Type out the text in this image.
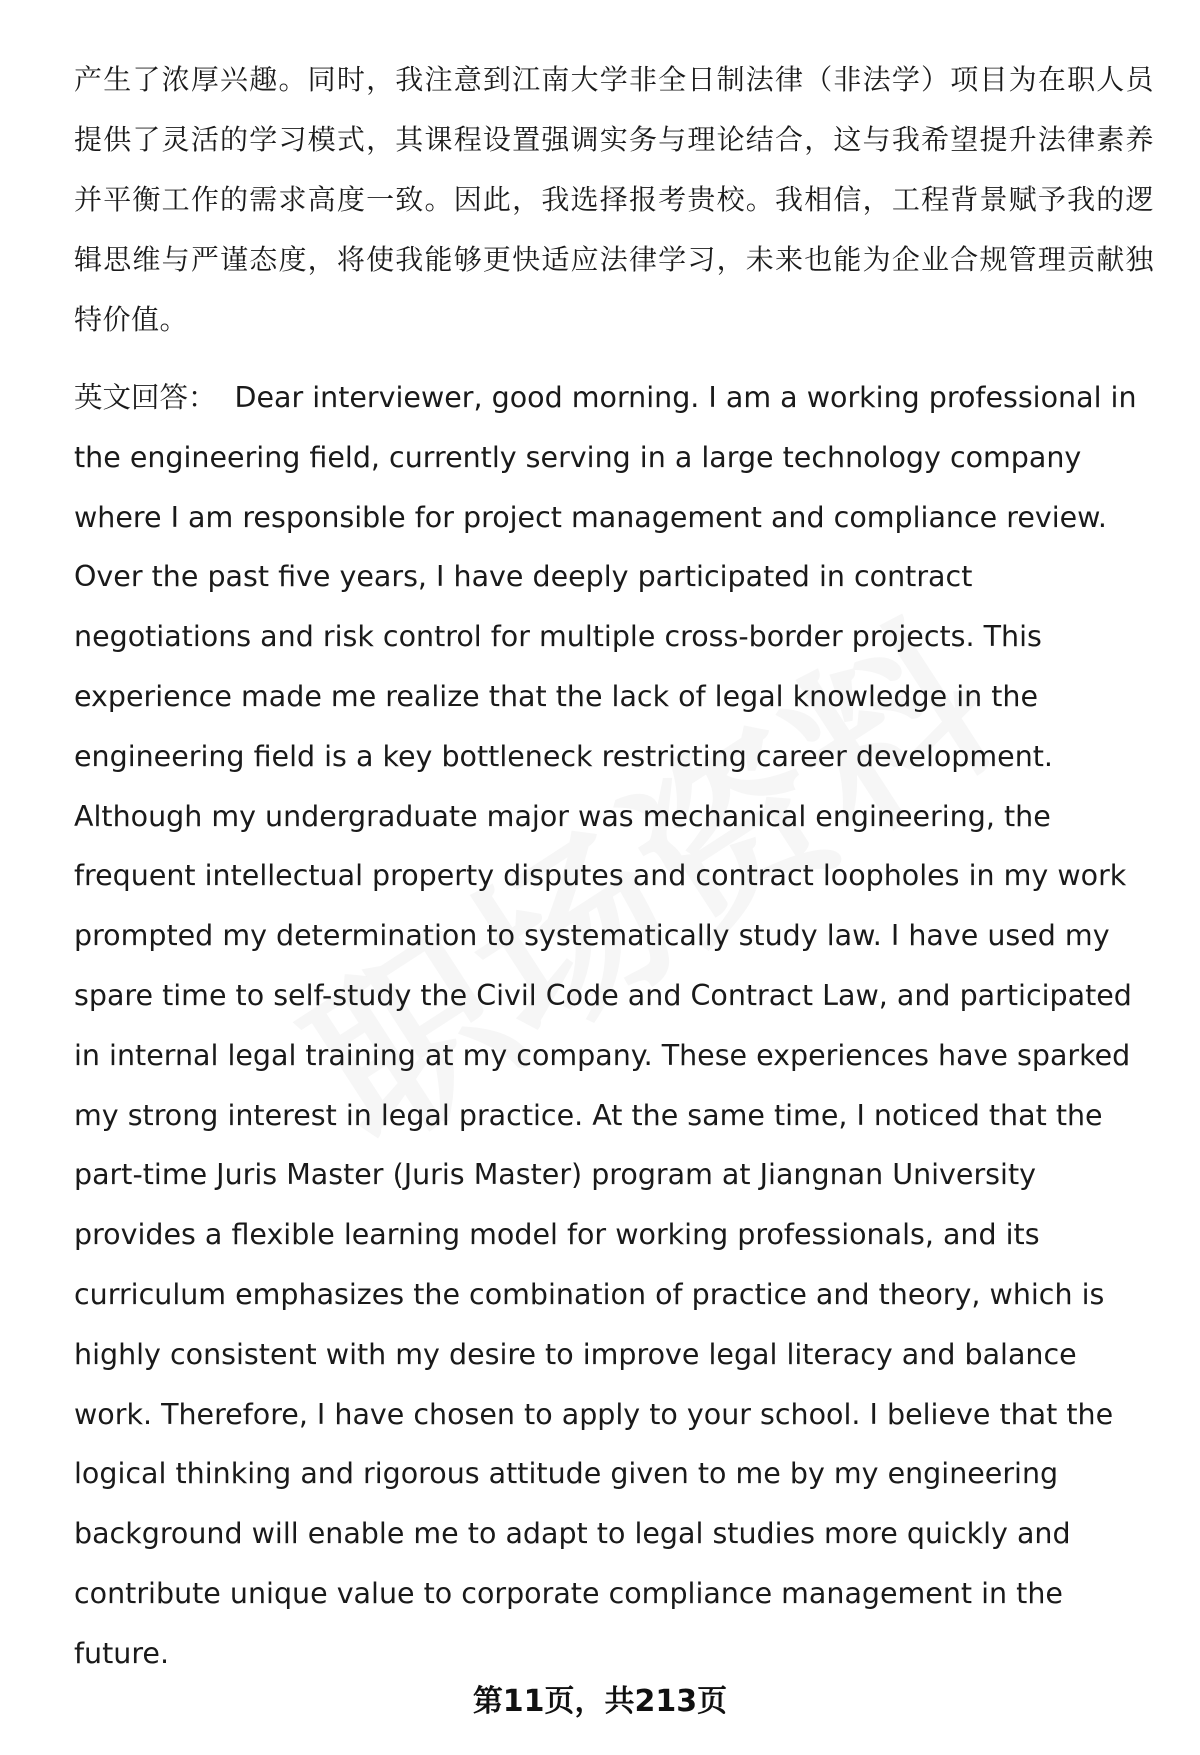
产生了浓厚兴趣。同时，我注意到江南大学非全日制法律（非法学）项目为在职人员提供了灵活的学习模式，其课程设置强调实务与理论结合，这与我希望提升法律素养并平衡工作的需求高度一致。因此，我选择报考贵校。我相信，工程背景赋予我的逻辑思维与严谨态度，将使我能够更快适应法律学习，未来也能为企业合规管理贡献独特价值。

英文回答： Dear interviewer, good morning. I am a working professional in the engineering field, currently serving in a large technology company where I am responsible for project management and compliance review. Over the past five years, I have deeply participated in contract negotiations and risk control for multiple cross-border projects. This experience made me realize that the lack of legal knowledge in the engineering field is a key bottleneck restricting career development. Although my undergraduate major was mechanical engineering, the frequent intellectual property disputes and contract loopholes in my work prompted my determination to systematically study law. I have used my spare time to self-study the Civil Code and Contract Law, and participated in internal legal training at my company. These experiences have sparked my strong interest in legal practice. At the same time, I noticed that the part-time Juris Master (Juris Master) program at Jiangnan University provides a flexible learning model for working professionals, and its curriculum emphasizes the combination of practice and theory, which is highly consistent with my desire to improve legal literacy and balance work. Therefore, I have chosen to apply to your school. I believe that the logical thinking and rigorous attitude given to me by my engineering background will enable me to adapt to legal studies more quickly and contribute unique value to corporate compliance management in the future.

第11页，共213页
